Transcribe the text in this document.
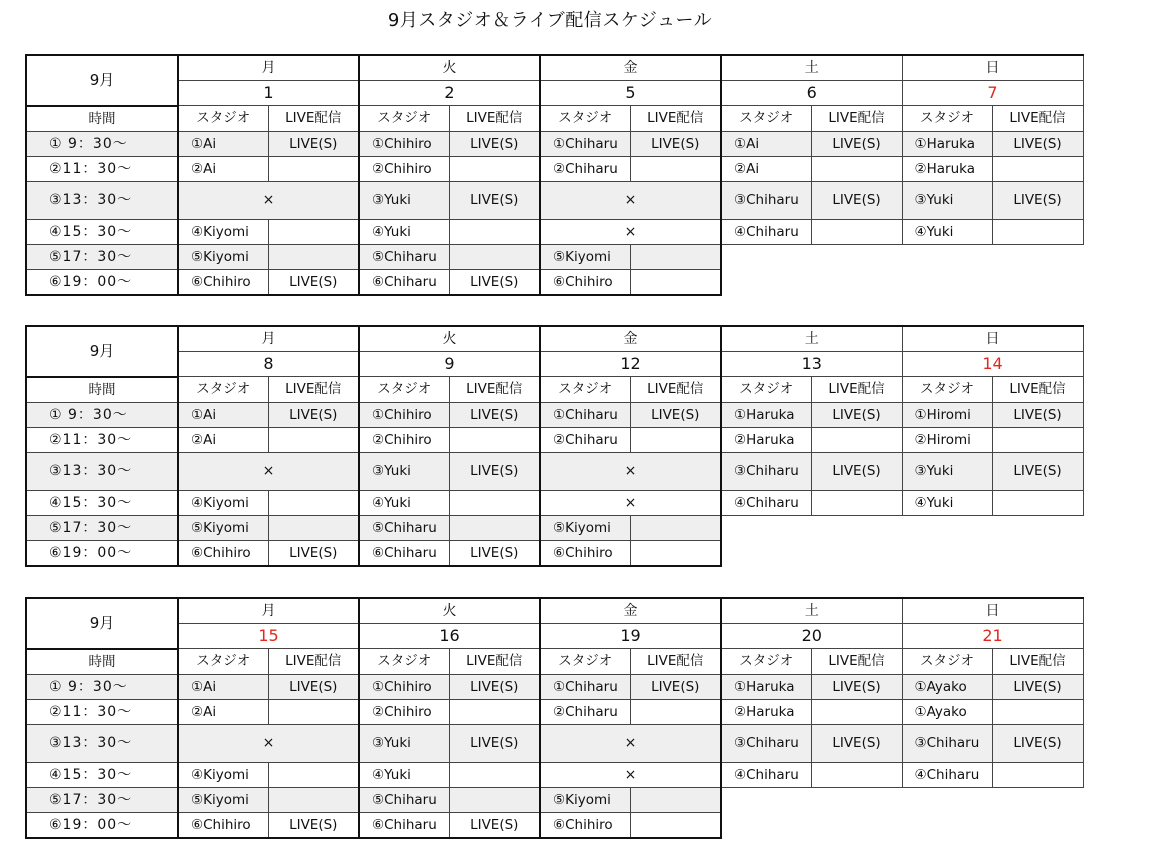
9月スタジオ＆ライブ配信スケジュール
9月	月		火		金		土		日	
	1		2		5		6		7	
時間	スタジオ	LIVE配信	スタジオ	LIVE配信	スタジオ	LIVE配信	スタジオ	LIVE配信	スタジオ	LIVE配信
① 9：30～	①Ai	LIVE(S)	①Chihiro	LIVE(S)	①Chiharu	LIVE(S)	①Ai	LIVE(S)	①Haruka	LIVE(S)
②11：30～	②Ai		②Chihiro		②Chiharu		②Ai		②Haruka	
③13：30～	×		③Yuki	LIVE(S)	×		③Chiharu	LIVE(S)	③Yuki	LIVE(S)
④15：30～	④Kiyomi		④Yuki		×		④Chiharu		④Yuki	
⑤17：30～	⑤Kiyomi		⑤Chiharu		⑤Kiyomi					
⑥19：00～	⑥Chihiro	LIVE(S)	⑥Chiharu	LIVE(S)	⑥Chihiro					
9月	月		火		金		土		日	
	8		9		12		13		14	
時間	スタジオ	LIVE配信	スタジオ	LIVE配信	スタジオ	LIVE配信	スタジオ	LIVE配信	スタジオ	LIVE配信
① 9：30～	①Ai	LIVE(S)	①Chihiro	LIVE(S)	①Chiharu	LIVE(S)	①Haruka	LIVE(S)	①Hiromi	LIVE(S)
②11：30～	②Ai		②Chihiro		②Chiharu		②Haruka		②Hiromi	
③13：30～	×		③Yuki	LIVE(S)	×		③Chiharu	LIVE(S)	③Yuki	LIVE(S)
④15：30～	④Kiyomi		④Yuki		×		④Chiharu		④Yuki	
⑤17：30～	⑤Kiyomi		⑤Chiharu		⑤Kiyomi					
⑥19：00～	⑥Chihiro	LIVE(S)	⑥Chiharu	LIVE(S)	⑥Chihiro					
9月	月		火		金		土		日	
	15		16		19		20		21	
時間	スタジオ	LIVE配信	スタジオ	LIVE配信	スタジオ	LIVE配信	スタジオ	LIVE配信	スタジオ	LIVE配信
① 9：30～	①Ai	LIVE(S)	①Chihiro	LIVE(S)	①Chiharu	LIVE(S)	①Haruka	LIVE(S)	①Ayako	LIVE(S)
②11：30～	②Ai		②Chihiro		②Chiharu		②Haruka		①Ayako	
③13：30～	×		③Yuki	LIVE(S)	×		③Chiharu	LIVE(S)	③Chiharu	LIVE(S)
④15：30～	④Kiyomi		④Yuki		×		④Chiharu		④Chiharu	
⑤17：30～	⑤Kiyomi		⑤Chiharu		⑤Kiyomi					
⑥19：00～	⑥Chihiro	LIVE(S)	⑥Chiharu	LIVE(S)	⑥Chihiro					
